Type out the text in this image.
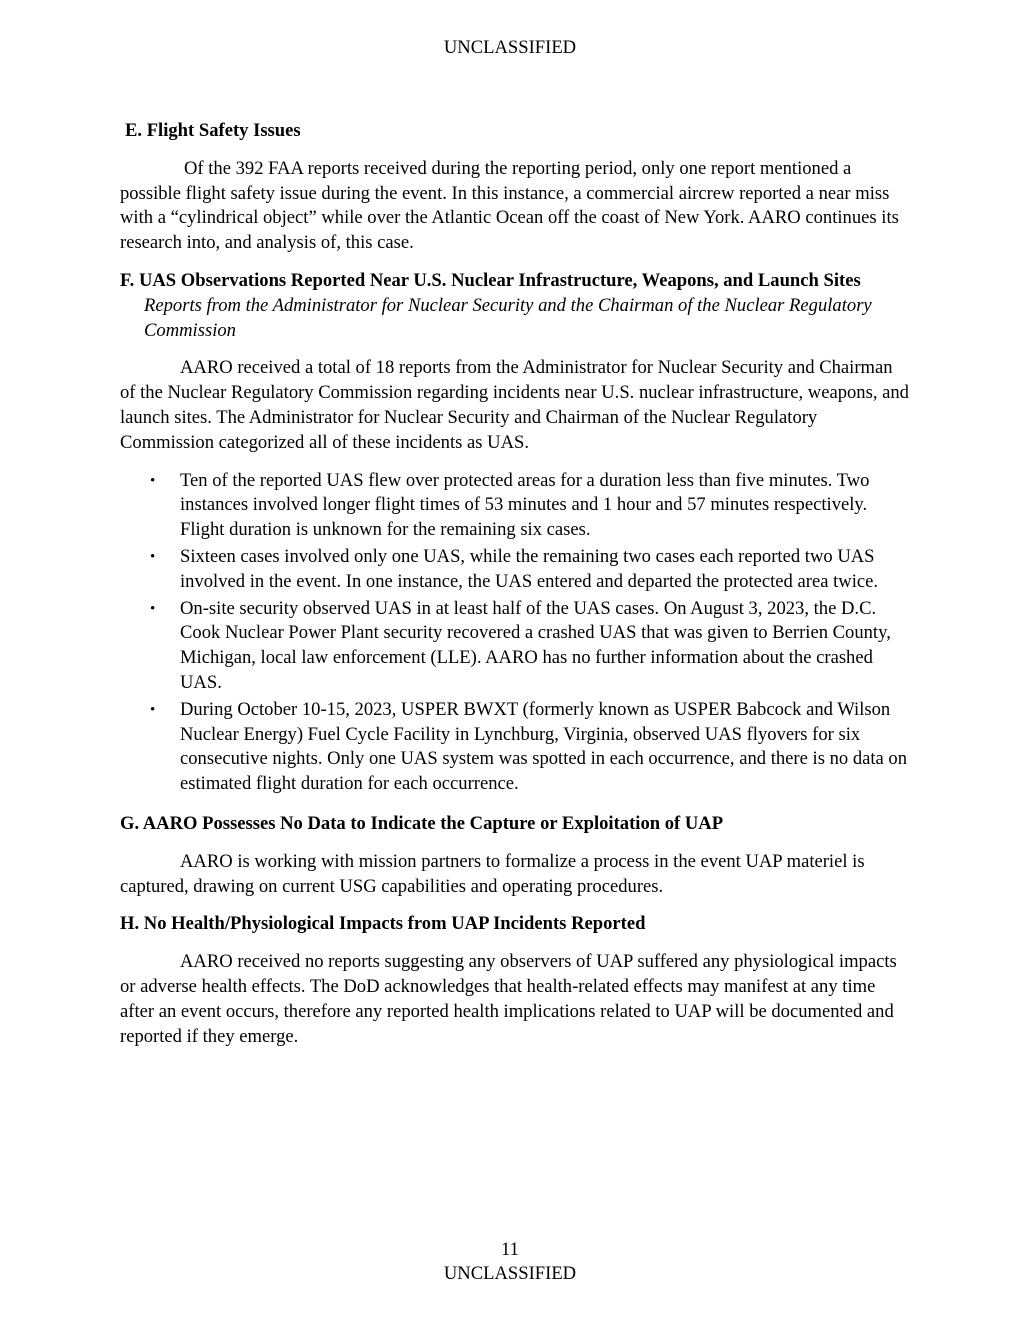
UNCLASSIFIED

E. Flight Safety Issues

Of the 392 FAA reports received during the reporting period, only one report mentioned a possible flight safety issue during the event. In this instance, a commercial aircrew reported a near miss with a “cylindrical object” while over the Atlantic Ocean off the coast of New York. AARO continues its research into, and analysis of, this case.

F. UAS Observations Reported Near U.S. Nuclear Infrastructure, Weapons, and Launch Sites

Reports from the Administrator for Nuclear Security and the Chairman of the Nuclear Regulatory Commission

AARO received a total of 18 reports from the Administrator for Nuclear Security and Chairman of the Nuclear Regulatory Commission regarding incidents near U.S. nuclear infrastructure, weapons, and launch sites. The Administrator for Nuclear Security and Chairman of the Nuclear Regulatory Commission categorized all of these incidents as UAS.

• Ten of the reported UAS flew over protected areas for a duration less than five minutes. Two instances involved longer flight times of 53 minutes and 1 hour and 57 minutes respectively. Flight duration is unknown for the remaining six cases.
• Sixteen cases involved only one UAS, while the remaining two cases each reported two UAS involved in the event. In one instance, the UAS entered and departed the protected area twice.
• On-site security observed UAS in at least half of the UAS cases. On August 3, 2023, the D.C. Cook Nuclear Power Plant security recovered a crashed UAS that was given to Berrien County, Michigan, local law enforcement (LLE). AARO has no further information about the crashed UAS.
• During October 10-15, 2023, USPER BWXT (formerly known as USPER Babcock and Wilson Nuclear Energy) Fuel Cycle Facility in Lynchburg, Virginia, observed UAS flyovers for six consecutive nights. Only one UAS system was spotted in each occurrence, and there is no data on estimated flight duration for each occurrence.

G. AARO Possesses No Data to Indicate the Capture or Exploitation of UAP

AARO is working with mission partners to formalize a process in the event UAP materiel is captured, drawing on current USG capabilities and operating procedures.

H. No Health/Physiological Impacts from UAP Incidents Reported

AARO received no reports suggesting any observers of UAP suffered any physiological impacts or adverse health effects. The DoD acknowledges that health-related effects may manifest at any time after an event occurs, therefore any reported health implications related to UAP will be documented and reported if they emerge.

11
UNCLASSIFIED
